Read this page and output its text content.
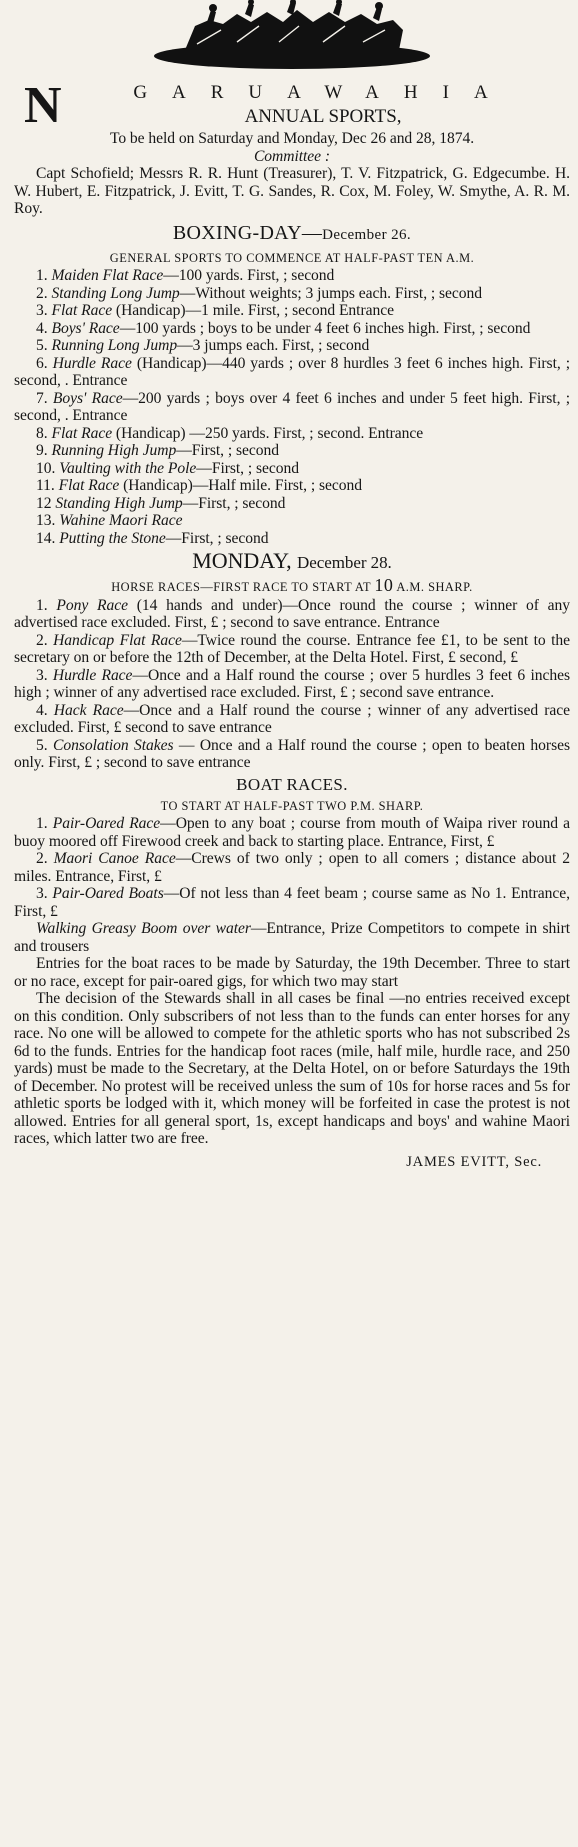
N	GARUAWAHIA
ANNUAL SPORTS,

To be held on Saturday and Monday, Dec 26 and 28, 1874.

Committee :

Capt Schofield; Messrs R. R. Hunt (Treasurer), T. V. Fitzpatrick, G. Edgecumbe. H. W. Hubert, E. Fitzpatrick, J. Evitt, T. G. Sandes, R. Cox, M. Foley, W. Smythe, A. R. M. Roy.

BOXING-DAY—December 26.

GENERAL SPORTS TO COMMENCE AT HALF-PAST TEN A.M.

1. Maiden Flat Race—100 yards. First, ; second

2. Standing Long Jump—Without weights; 3 jumps each. First, ; second

3. Flat Race (Handicap)—1 mile. First, ; second Entrance

4. Boys' Race—100 yards ; boys to be under 4 feet 6 inches high. First, ; second

5. Running Long Jump—3 jumps each. First, ; second

6. Hurdle Race (Handicap)—440 yards ; over 8 hurdles 3 feet 6 inches high. First, ; second, . Entrance

7. Boys' Race—200 yards ; boys over 4 feet 6 inches and under 5 feet high. First, ; second, . Entrance

8. Flat Race (Handicap) —250 yards. First, ; second. Entrance

9. Running High Jump—First, ; second

10. Vaulting with the Pole—First, ; second

11. Flat Race (Handicap)—Half mile. First, ; second

12 Standing High Jump—First, ; second

13. Wahine Maori Race

14. Putting the Stone—First, ; second

MONDAY, December 28.

HORSE RACES—FIRST RACE TO START AT 10 A.M. SHARP.

1. Pony Race (14 hands and under)—Once round the course ; winner of any advertised race excluded. First, £ ; second to save entrance. Entrance

2. Handicap Flat Race—Twice round the course. Entrance fee £1, to be sent to the secretary on or before the 12th of December, at the Delta Hotel. First, £ second, £

3. Hurdle Race—Once and a Half round the course ; over 5 hurdles 3 feet 6 inches high ; winner of any advertised race excluded. First, £ ; second save entrance.

4. Hack Race—Once and a Half round the course ; winner of any advertised race excluded. First, £ second to save entrance

5. Consolation Stakes — Once and a Half round the course ; open to beaten horses only. First, £ ; second to save entrance

BOAT RACES.

TO START AT HALF-PAST TWO P.M. SHARP.

1. Pair-Oared Race—Open to any boat ; course from mouth of Waipa river round a buoy moored off Firewood creek and back to starting place. Entrance, First, £

2. Maori Canoe Race—Crews of two only ; open to all comers ; distance about 2 miles. Entrance, First, £

3. Pair-Oared Boats—Of not less than 4 feet beam ; course same as No 1. Entrance, First, £

Walking Greasy Boom over water—Entrance, Prize Competitors to compete in shirt and trousers

Entries for the boat races to be made by Saturday, the 19th December. Three to start or no race, except for pair-oared gigs, for which two may start

The decision of the Stewards shall in all cases be final —no entries received except on this condition. Only subscribers of not less than to the funds can enter horses for any race. No one will be allowed to compete for the athletic sports who has not subscribed 2s 6d to the funds. Entries for the handicap foot races (mile, half mile, hurdle race, and 250 yards) must be made to the Secretary, at the Delta Hotel, on or before Saturdays the 19th of December. No protest will be received unless the sum of 10s for horse races and 5s for athletic sports be lodged with it, which money will be forfeited in case the protest is not allowed. Entries for all general sport, 1s, except handicaps and boys' and wahine Maori races, which latter two are free.

JAMES EVITT, Sec.
